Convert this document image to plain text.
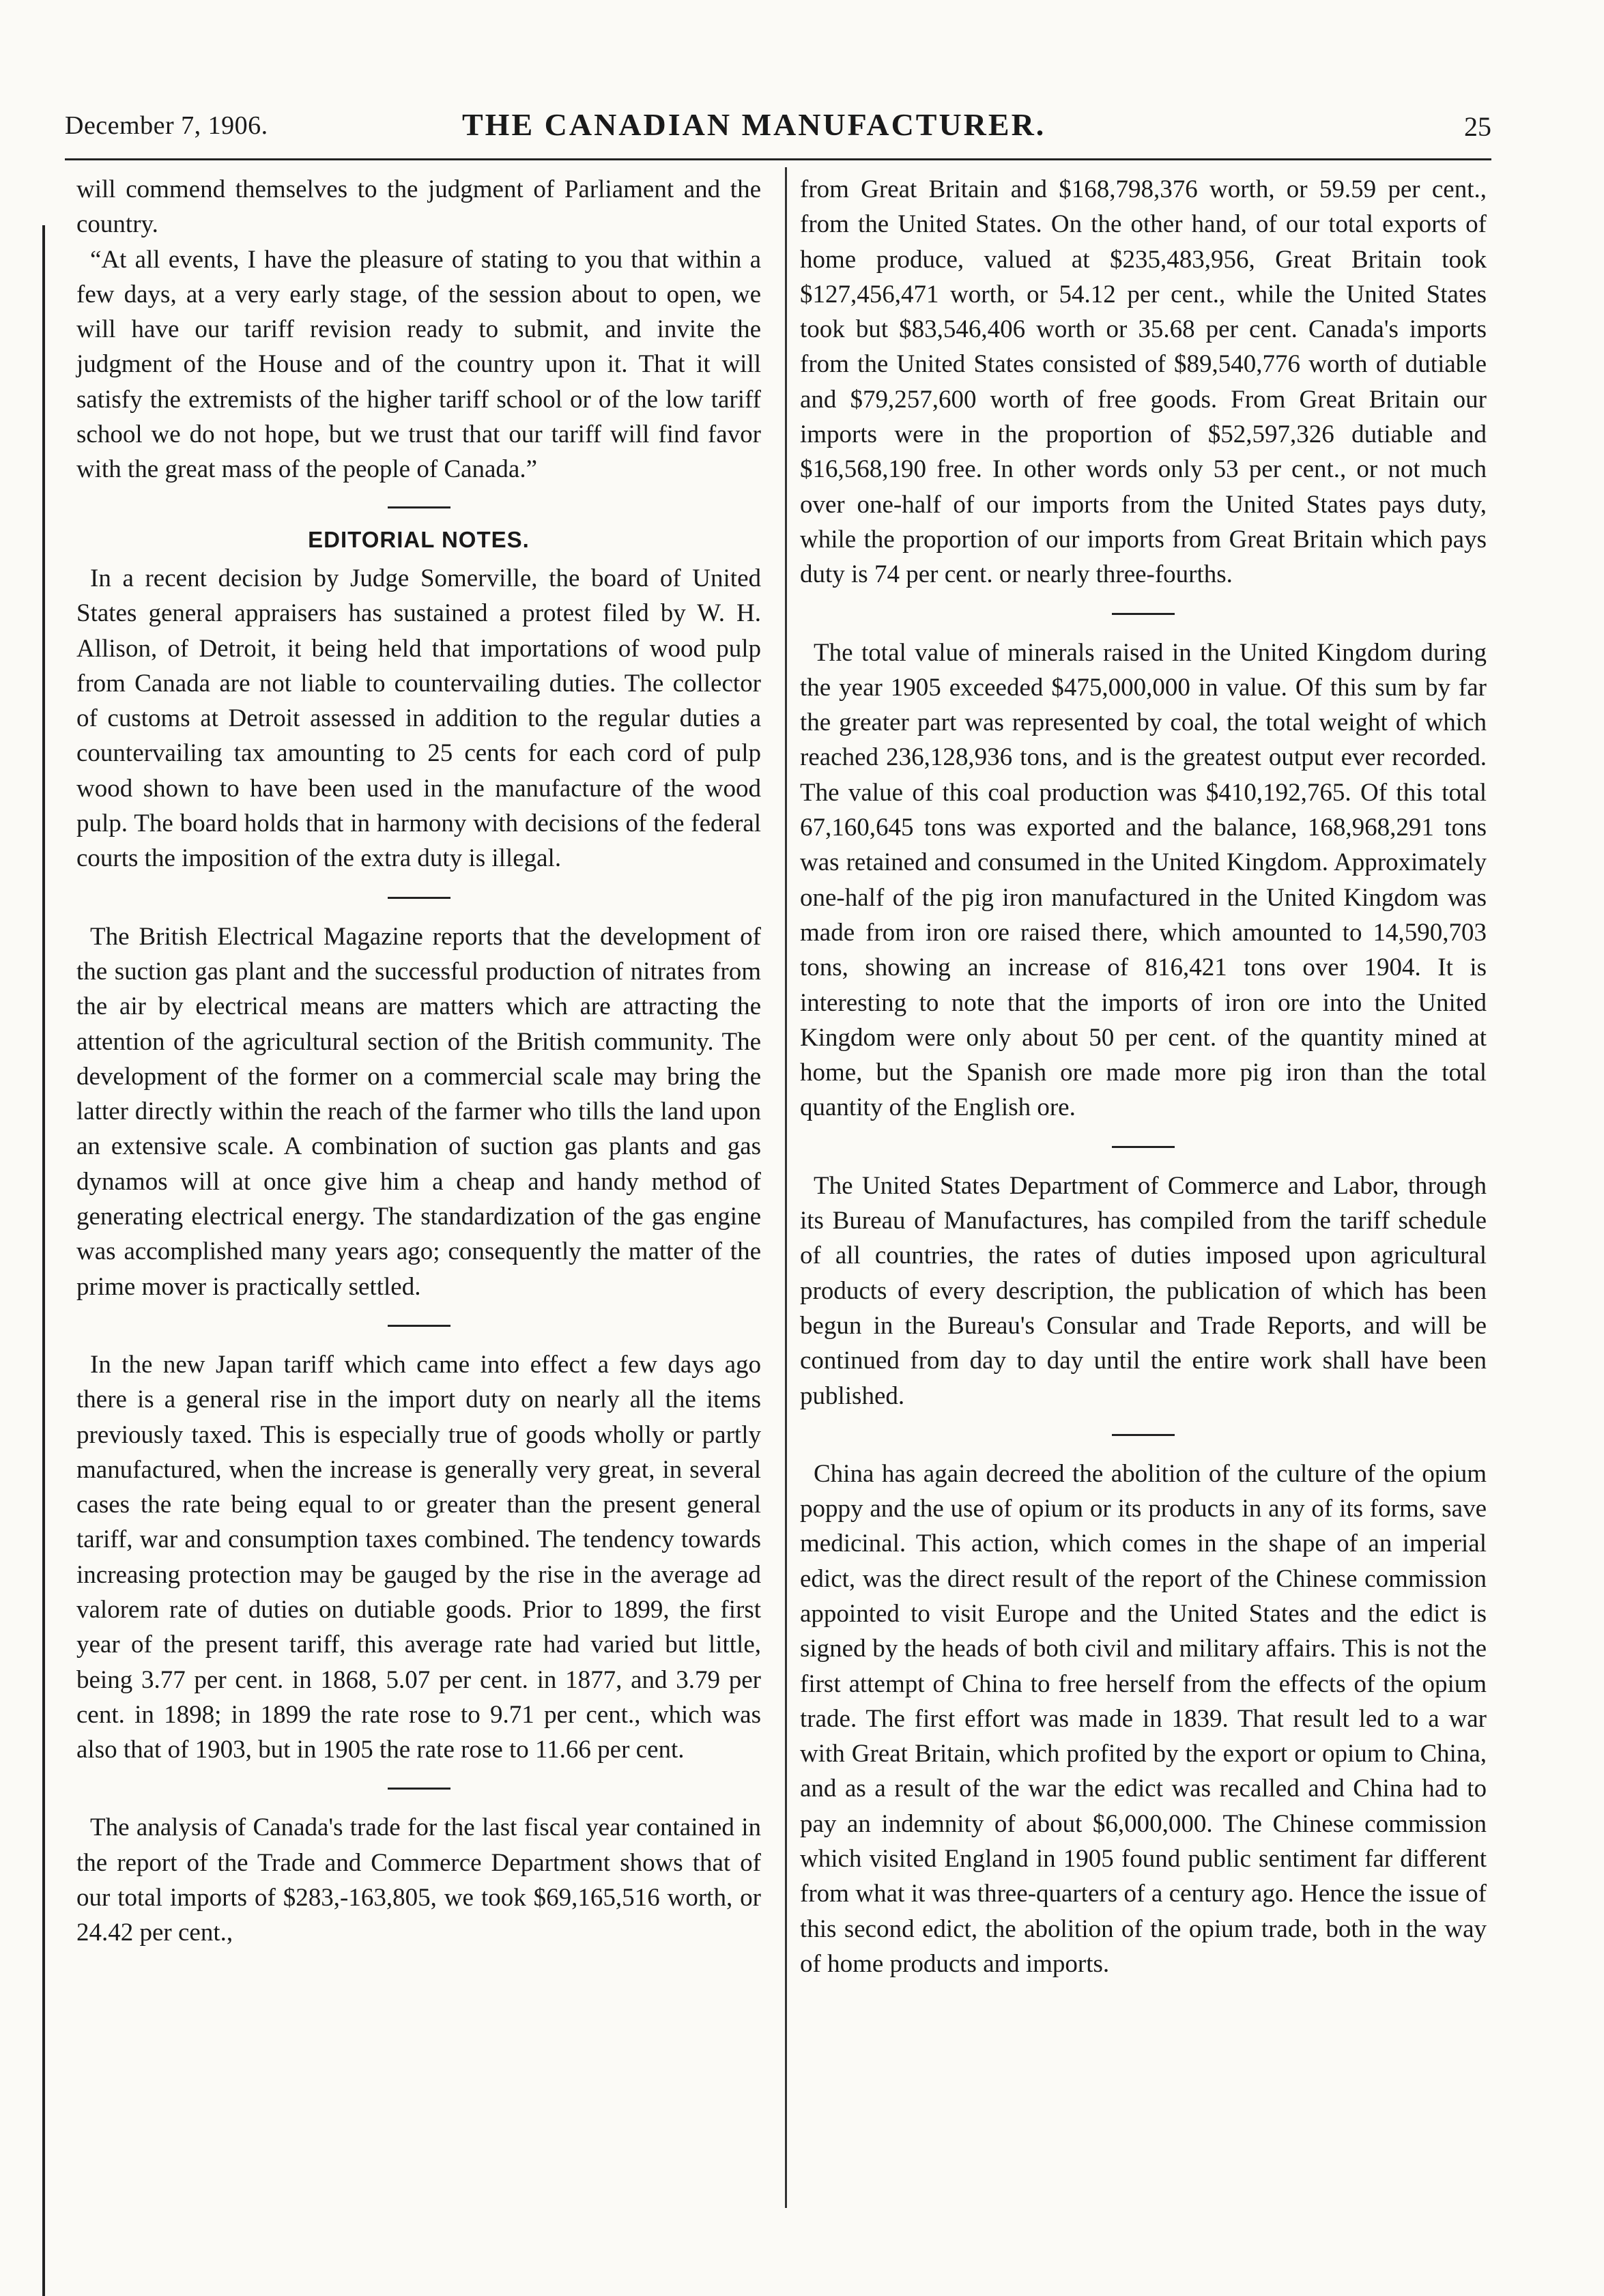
December 7, 1906.	THE CANADIAN MANUFACTURER.	25

will commend themselves to the judgment of Parliament and the country.

“At all events, I have the pleasure of stating to you that within a few days, at a very early stage, of the session about to open, we will have our tariff revision ready to submit, and invite the judgment of the House and of the country upon it. That it will satisfy the extremists of the higher tariff school or of the low tariff school we do not hope, but we trust that our tariff will find favor with the great mass of the people of Canada.”

EDITORIAL NOTES.

In a recent decision by Judge Somerville, the board of United States general appraisers has sustained a protest filed by W. H. Allison, of Detroit, it being held that importations of wood pulp from Canada are not liable to countervailing duties. The collector of customs at Detroit assessed in addition to the regular duties a countervailing tax amounting to 25 cents for each cord of pulp wood shown to have been used in the manufacture of the wood pulp. The board holds that in harmony with decisions of the federal courts the imposition of the extra duty is illegal.

The British Electrical Magazine reports that the development of the suction gas plant and the successful production of nitrates from the air by electrical means are matters which are attracting the attention of the agricultural section of the British community. The development of the former on a commercial scale may bring the latter directly within the reach of the farmer who tills the land upon an extensive scale. A combination of suction gas plants and gas dynamos will at once give him a cheap and handy method of generating electrical energy. The standardization of the gas engine was accomplished many years ago; consequently the matter of the prime mover is practically settled.

In the new Japan tariff which came into effect a few days ago there is a general rise in the import duty on nearly all the items previously taxed. This is especially true of goods wholly or partly manufactured, when the increase is generally very great, in several cases the rate being equal to or greater than the present general tariff, war and consumption taxes combined. The tendency towards increasing protection may be gauged by the rise in the average ad valorem rate of duties on dutiable goods. Prior to 1899, the first year of the present tariff, this average rate had varied but little, being 3.77 per cent. in 1868, 5.07 per cent. in 1877, and 3.79 per cent. in 1898; in 1899 the rate rose to 9.71 per cent., which was also that of 1903, but in 1905 the rate rose to 11.66 per cent.

The analysis of Canada's trade for the last fiscal year contained in the report of the Trade and Commerce Department shows that of our total imports of $283,-163,805, we took $69,165,516 worth, or 24.42 per cent.,

from Great Britain and $168,798,376 worth, or 59.59 per cent., from the United States. On the other hand, of our total exports of home produce, valued at $235,483,956, Great Britain took $127,456,471 worth, or 54.12 per cent., while the United States took but $83,546,406 worth or 35.68 per cent. Canada's imports from the United States consisted of $89,540,776 worth of dutiable and $79,257,600 worth of free goods. From Great Britain our imports were in the proportion of $52,597,326 dutiable and $16,568,190 free. In other words only 53 per cent., or not much over one-half of our imports from the United States pays duty, while the proportion of our imports from Great Britain which pays duty is 74 per cent. or nearly three-fourths.

The total value of minerals raised in the United Kingdom during the year 1905 exceeded $475,000,000 in value. Of this sum by far the greater part was represented by coal, the total weight of which reached 236,128,936 tons, and is the greatest output ever recorded. The value of this coal production was $410,192,765. Of this total 67,160,645 tons was exported and the balance, 168,968,291 tons was retained and consumed in the United Kingdom. Approximately one-half of the pig iron manufactured in the United Kingdom was made from iron ore raised there, which amounted to 14,590,703 tons, showing an increase of 816,421 tons over 1904. It is interesting to note that the imports of iron ore into the United Kingdom were only about 50 per cent. of the quantity mined at home, but the Spanish ore made more pig iron than the total quantity of the English ore.

The United States Department of Commerce and Labor, through its Bureau of Manufactures, has compiled from the tariff schedule of all countries, the rates of duties imposed upon agricultural products of every description, the publication of which has been begun in the Bureau's Consular and Trade Reports, and will be continued from day to day until the entire work shall have been published.

China has again decreed the abolition of the culture of the opium poppy and the use of opium or its products in any of its forms, save medicinal. This action, which comes in the shape of an imperial edict, was the direct result of the report of the Chinese commission appointed to visit Europe and the United States and the edict is signed by the heads of both civil and military affairs. This is not the first attempt of China to free herself from the effects of the opium trade. The first effort was made in 1839. That result led to a war with Great Britain, which profited by the export or opium to China, and as a result of the war the edict was recalled and China had to pay an indemnity of about $6,000,000. The Chinese commission which visited England in 1905 found public sentiment far different from what it was three-quarters of a century ago. Hence the issue of this second edict, the abolition of the opium trade, both in the way of home products and imports.
